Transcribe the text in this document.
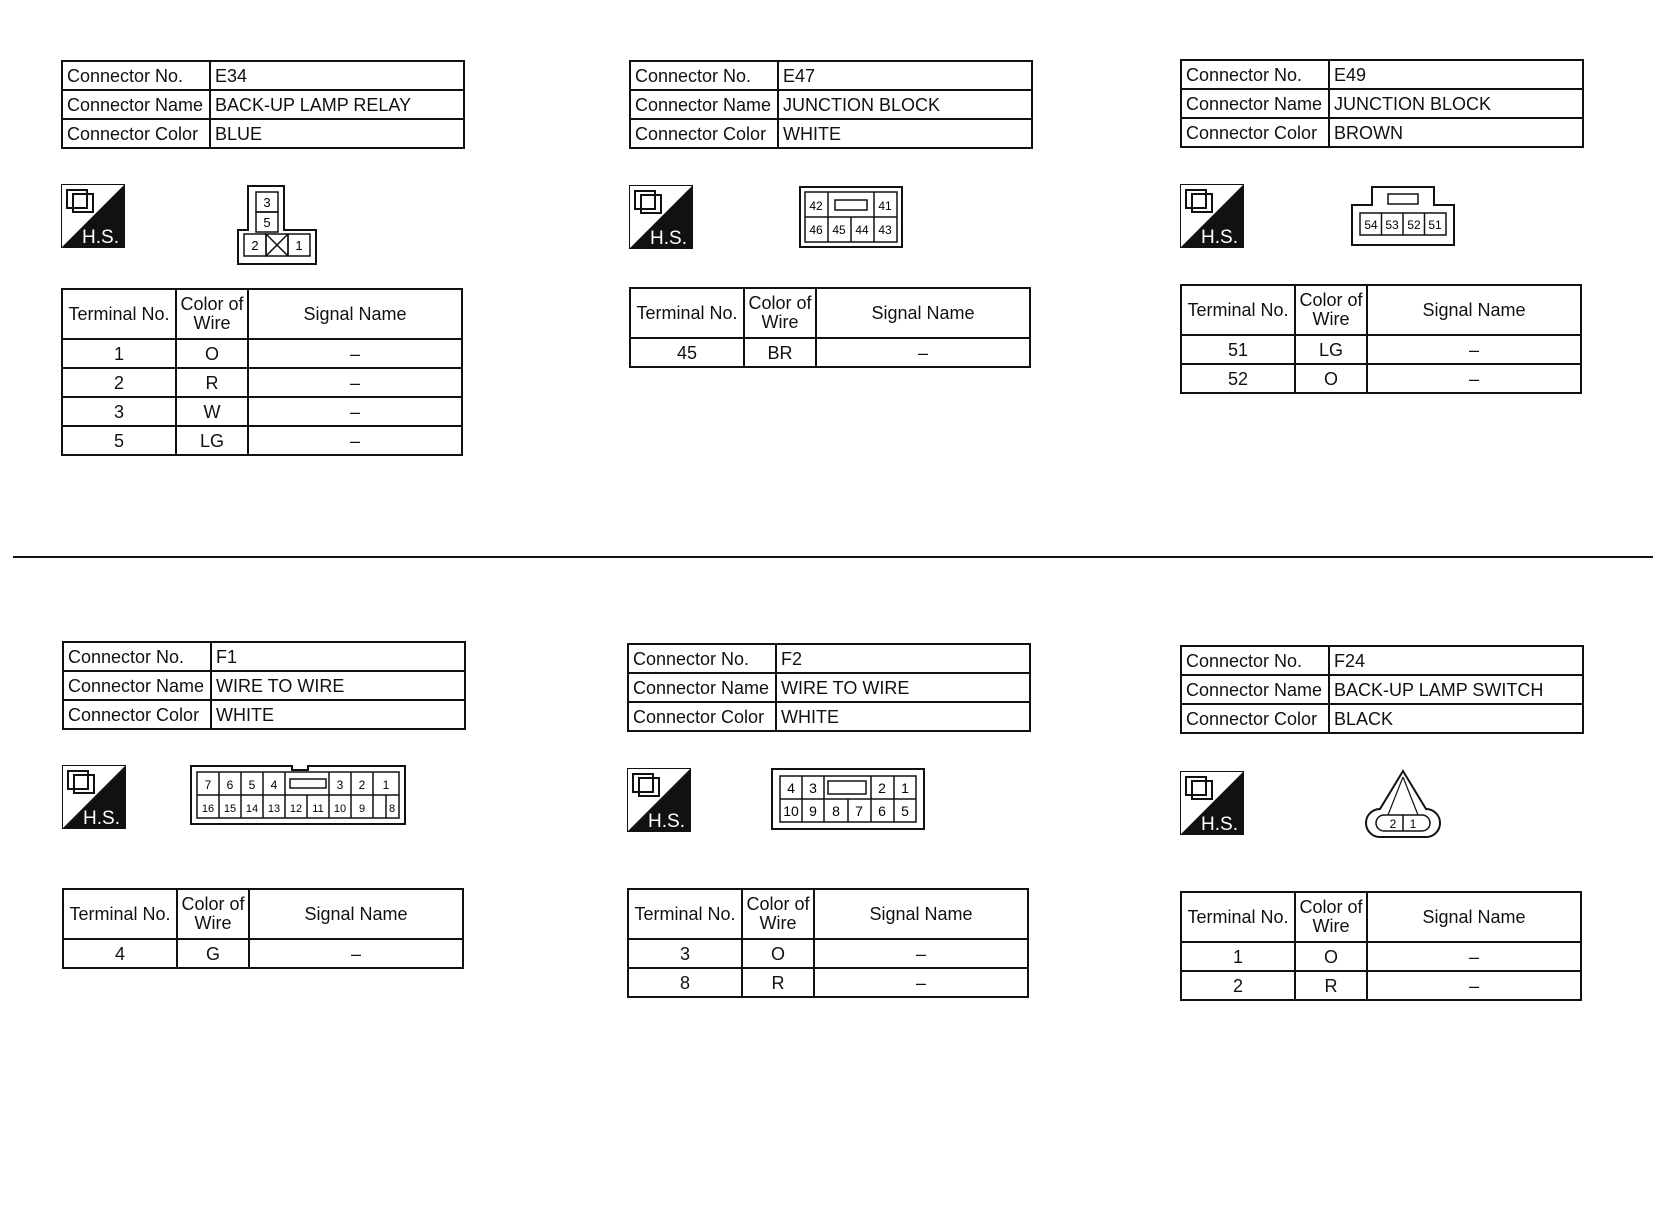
Connector No.	E34
Connector Name	BACK-UP LAMP RELAY
Connector Color	BLUE
H.S.
3
5
2	1
Terminal No.	Color of
Wire	Signal Name
1	O	–
2	R	–
3	W	–
5	LG	–
Connector No.	E47
Connector Name	JUNCTION BLOCK
Connector Color	WHITE
H.S.
42	41
46 45 44 43
Terminal No.	Color of
Wire	Signal Name
45	BR	–
Connector No.	E49
Connector Name	JUNCTION BLOCK
Connector Color	BROWN
H.S.
54 53 52 51
Terminal No.	Color of
Wire	Signal Name
51	LG	–
52	O	–
Connector No.	F1
Connector Name	WIRE TO WIRE
Connector Color	WHITE
H.S.
7 6 5 4	3 2 1
16 15 14 13 12 11 10 9 8
Terminal No.	Color of
Wire	Signal Name
4	G	–
Connector No.	F2
Connector Name	WIRE TO WIRE
Connector Color	WHITE
H.S.
4 3	2 1
10 9 8 7 6 5
Terminal No.	Color of
Wire	Signal Name
3	O	–
8	R	–
Connector No.	F24
Connector Name	BACK-UP LAMP SWITCH
Connector Color	BLACK
H.S.	2 1
Terminal No.	Color of
Wire	Signal Name
1	O	–
2	R	–
